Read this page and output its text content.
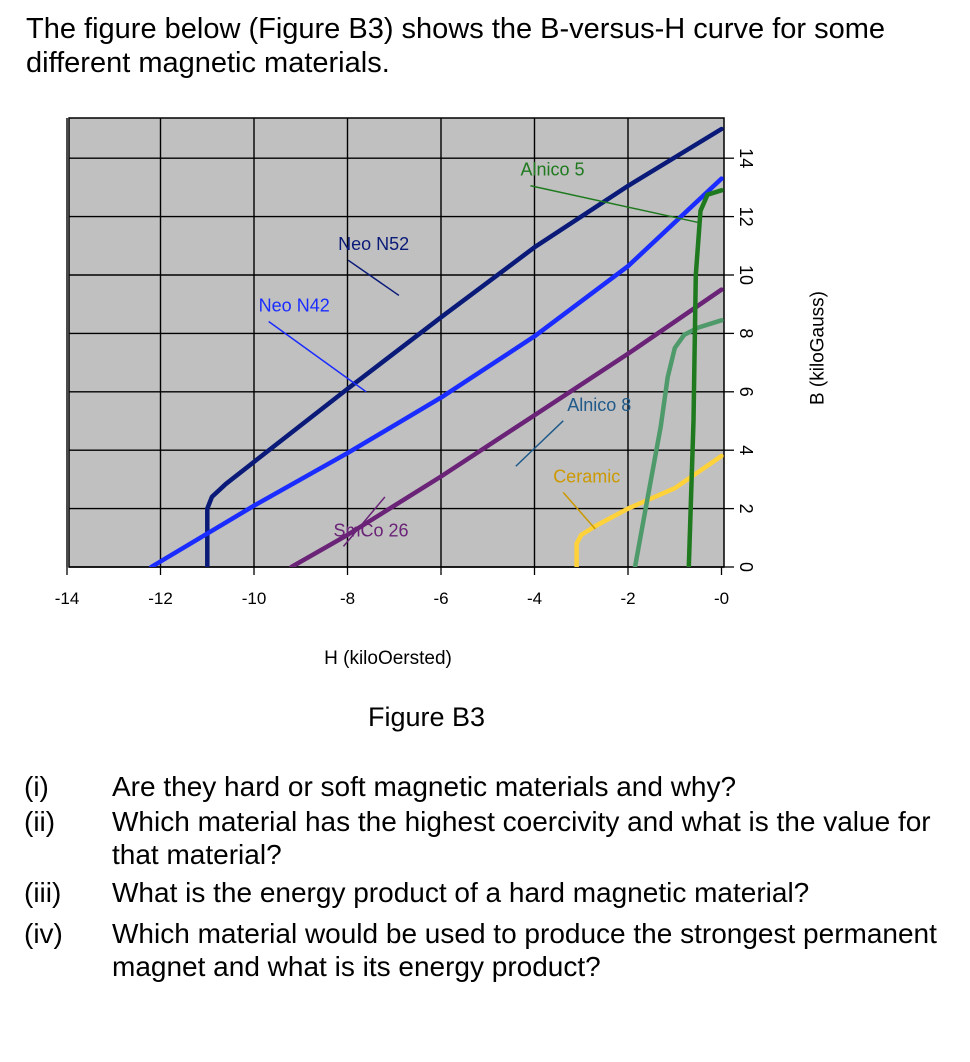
The figure below (Figure B3) shows the B-versus-H curve for some different magnetic materials.

-14	-12	-10	-8	-6	-4	-2	-0
0
2
4
6
8
10
12
14
H (kiloOersted)
B (kiloGauss)
Alnico 5
Neo N52
Neo N42
Alnico 8
Ceramic
SmCo 26
Figure B3
(i) Are they hard or soft magnetic materials and why?
(ii) Which material has the highest coercivity and what is the value for that material?
(iii) What is the energy product of a hard magnetic material?
(iv) Which material would be used to produce the strongest permanent magnet and what is its energy product?
